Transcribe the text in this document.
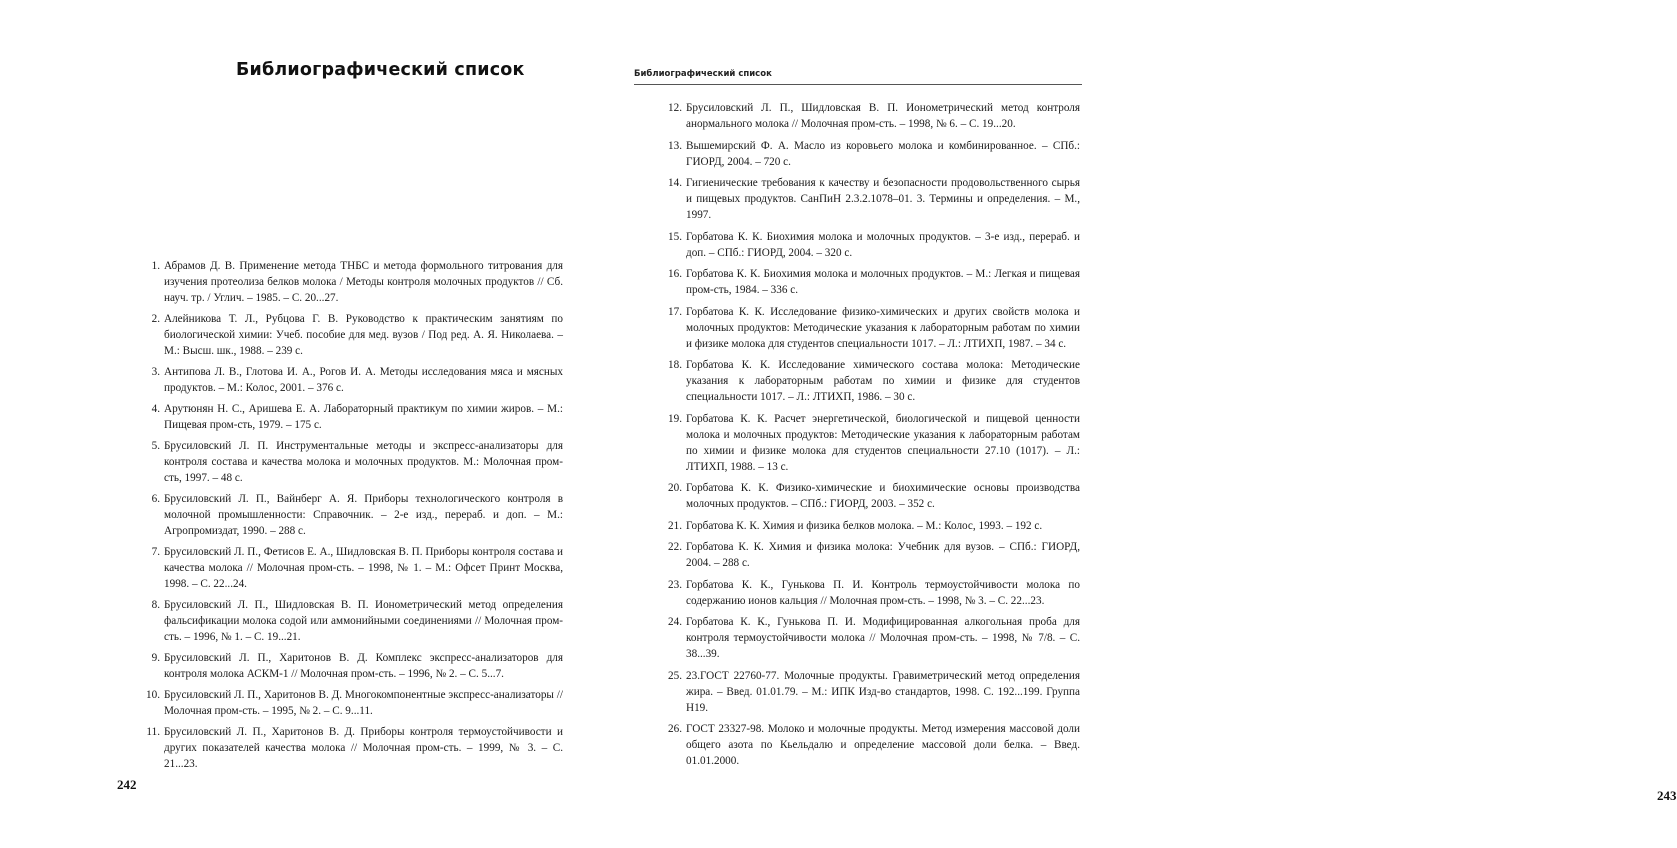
Библиографический список
1. Абрамов Д. В. Применение метода ТНБС и метода формольного титрования для изучения протеолиза белков молока / Методы контроля молочных продуктов // Сб. науч. тр. / Углич. – 1985. – С. 20...27.
2. Алейникова Т. Л., Рубцова Г. В. Руководство к практическим занятиям по биологической химии: Учеб. пособие для мед. вузов / Под ред. А. Я. Николаева. – М.: Высш. шк., 1988. – 239 с.
3. Антипова Л. В., Глотова И. А., Рогов И. А. Методы исследования мяса и мясных продуктов. – М.: Колос, 2001. – 376 с.
4. Арутюнян Н. С., Аришева Е. А. Лабораторный практикум по химии жиров. – М.: Пищевая пром-сть, 1979. – 175 с.
5. Брусиловский Л. П. Инструментальные методы и экспресс-анализаторы для контроля состава и качества молока и молочных продуктов. М.: Молочная пром-сть, 1997. – 48 с.
6. Брусиловский Л. П., Вайнберг А. Я. Приборы технологического контроля в молочной промышленности: Справочник. – 2-е изд., перераб. и доп. – М.: Агропромиздат, 1990. – 288 с.
7. Брусиловский Л. П., Фетисов Е. А., Шидловская В. П. Приборы контроля состава и качества молока // Молочная пром-сть. – 1998, № 1. – М.: Офсет Принт Москва, 1998. – С. 22...24.
8. Брусиловский Л. П., Шидловская В. П. Ионометрический метод определения фальсификации молока содой или аммонийными соединениями // Молочная пром-сть. – 1996, № 1. – С. 19...21.
9. Брусиловский Л. П., Харитонов В. Д. Комплекс экспресс-анализаторов для контроля молока АСКМ-1 // Молочная пром-сть. – 1996, № 2. – С. 5...7.
10. Брусиловский Л. П., Харитонов В. Д. Многокомпонентные экспресс-анализаторы // Молочная пром-сть. – 1995, № 2. – С. 9...11.
11. Брусиловский Л. П., Харитонов В. Д. Приборы контроля термоустойчивости и других показателей качества молока // Молочная пром-сть. – 1999, № 3. – С. 21...23.
242
Библиографический список
12. Брусиловский Л. П., Шидловская В. П. Ионометрический метод контроля анормального молока // Молочная пром-сть. – 1998, № 6. – С. 19...20.
13. Вышемирский Ф. А. Масло из коровьего молока и комбинированное. – СПб.: ГИОРД, 2004. – 720 с.
14. Гигиенические требования к качеству и безопасности продовольственного сырья и пищевых продуктов. СанПиН 2.3.2.1078–01. 3. Термины и определения. – М., 1997.
15. Горбатова К. К. Биохимия молока и молочных продуктов. – 3-е изд., перераб. и доп. – СПб.: ГИОРД, 2004. – 320 с.
16. Горбатова К. К. Биохимия молока и молочных продуктов. – М.: Легкая и пищевая пром-сть, 1984. – 336 с.
17. Горбатова К. К. Исследование физико-химических и других свойств молока и молочных продуктов: Методические указания к лабораторным работам по химии и физике молока для студентов специальности 1017. – Л.: ЛТИХП, 1987. – 34 с.
18. Горбатова К. К. Исследование химического состава молока: Методические указания к лабораторным работам по химии и физике для студентов специальности 1017. – Л.: ЛТИХП, 1986. – 30 с.
19. Горбатова К. К. Расчет энергетической, биологической и пищевой ценности молока и молочных продуктов: Методические указания к лабораторным работам по химии и физике молока для студентов специальности 27.10 (1017). – Л.: ЛТИХП, 1988. – 13 с.
20. Горбатова К. К. Физико-химические и биохимические основы производства молочных продуктов. – СПб.: ГИОРД, 2003. – 352 с.
21. Горбатова К. К. Химия и физика белков молока. – М.: Колос, 1993. – 192 с.
22. Горбатова К. К. Химия и физика молока: Учебник для вузов. – СПб.: ГИОРД, 2004. – 288 с.
23. Горбатова К. К., Гунькова П. И. Контроль термоустойчивости молока по содержанию ионов кальция // Молочная пром-сть. – 1998, № 3. – С. 22...23.
24. Горбатова К. К., Гунькова П. И. Модифицированная алкогольная проба для контроля термоустойчивости молока // Молочная пром-сть. – 1998, № 7/8. – С. 38...39.
25. 23.ГОСТ 22760-77. Молочные продукты. Гравиметрический метод определения жира. – Введ. 01.01.79. – М.: ИПК Изд-во стандартов, 1998. С. 192...199. Группа Н19.
26. ГОСТ 23327-98. Молоко и молочные продукты. Метод измерения массовой доли общего азота по Кьельдалю и определение массовой доли белка. – Введ. 01.01.2000.
243
